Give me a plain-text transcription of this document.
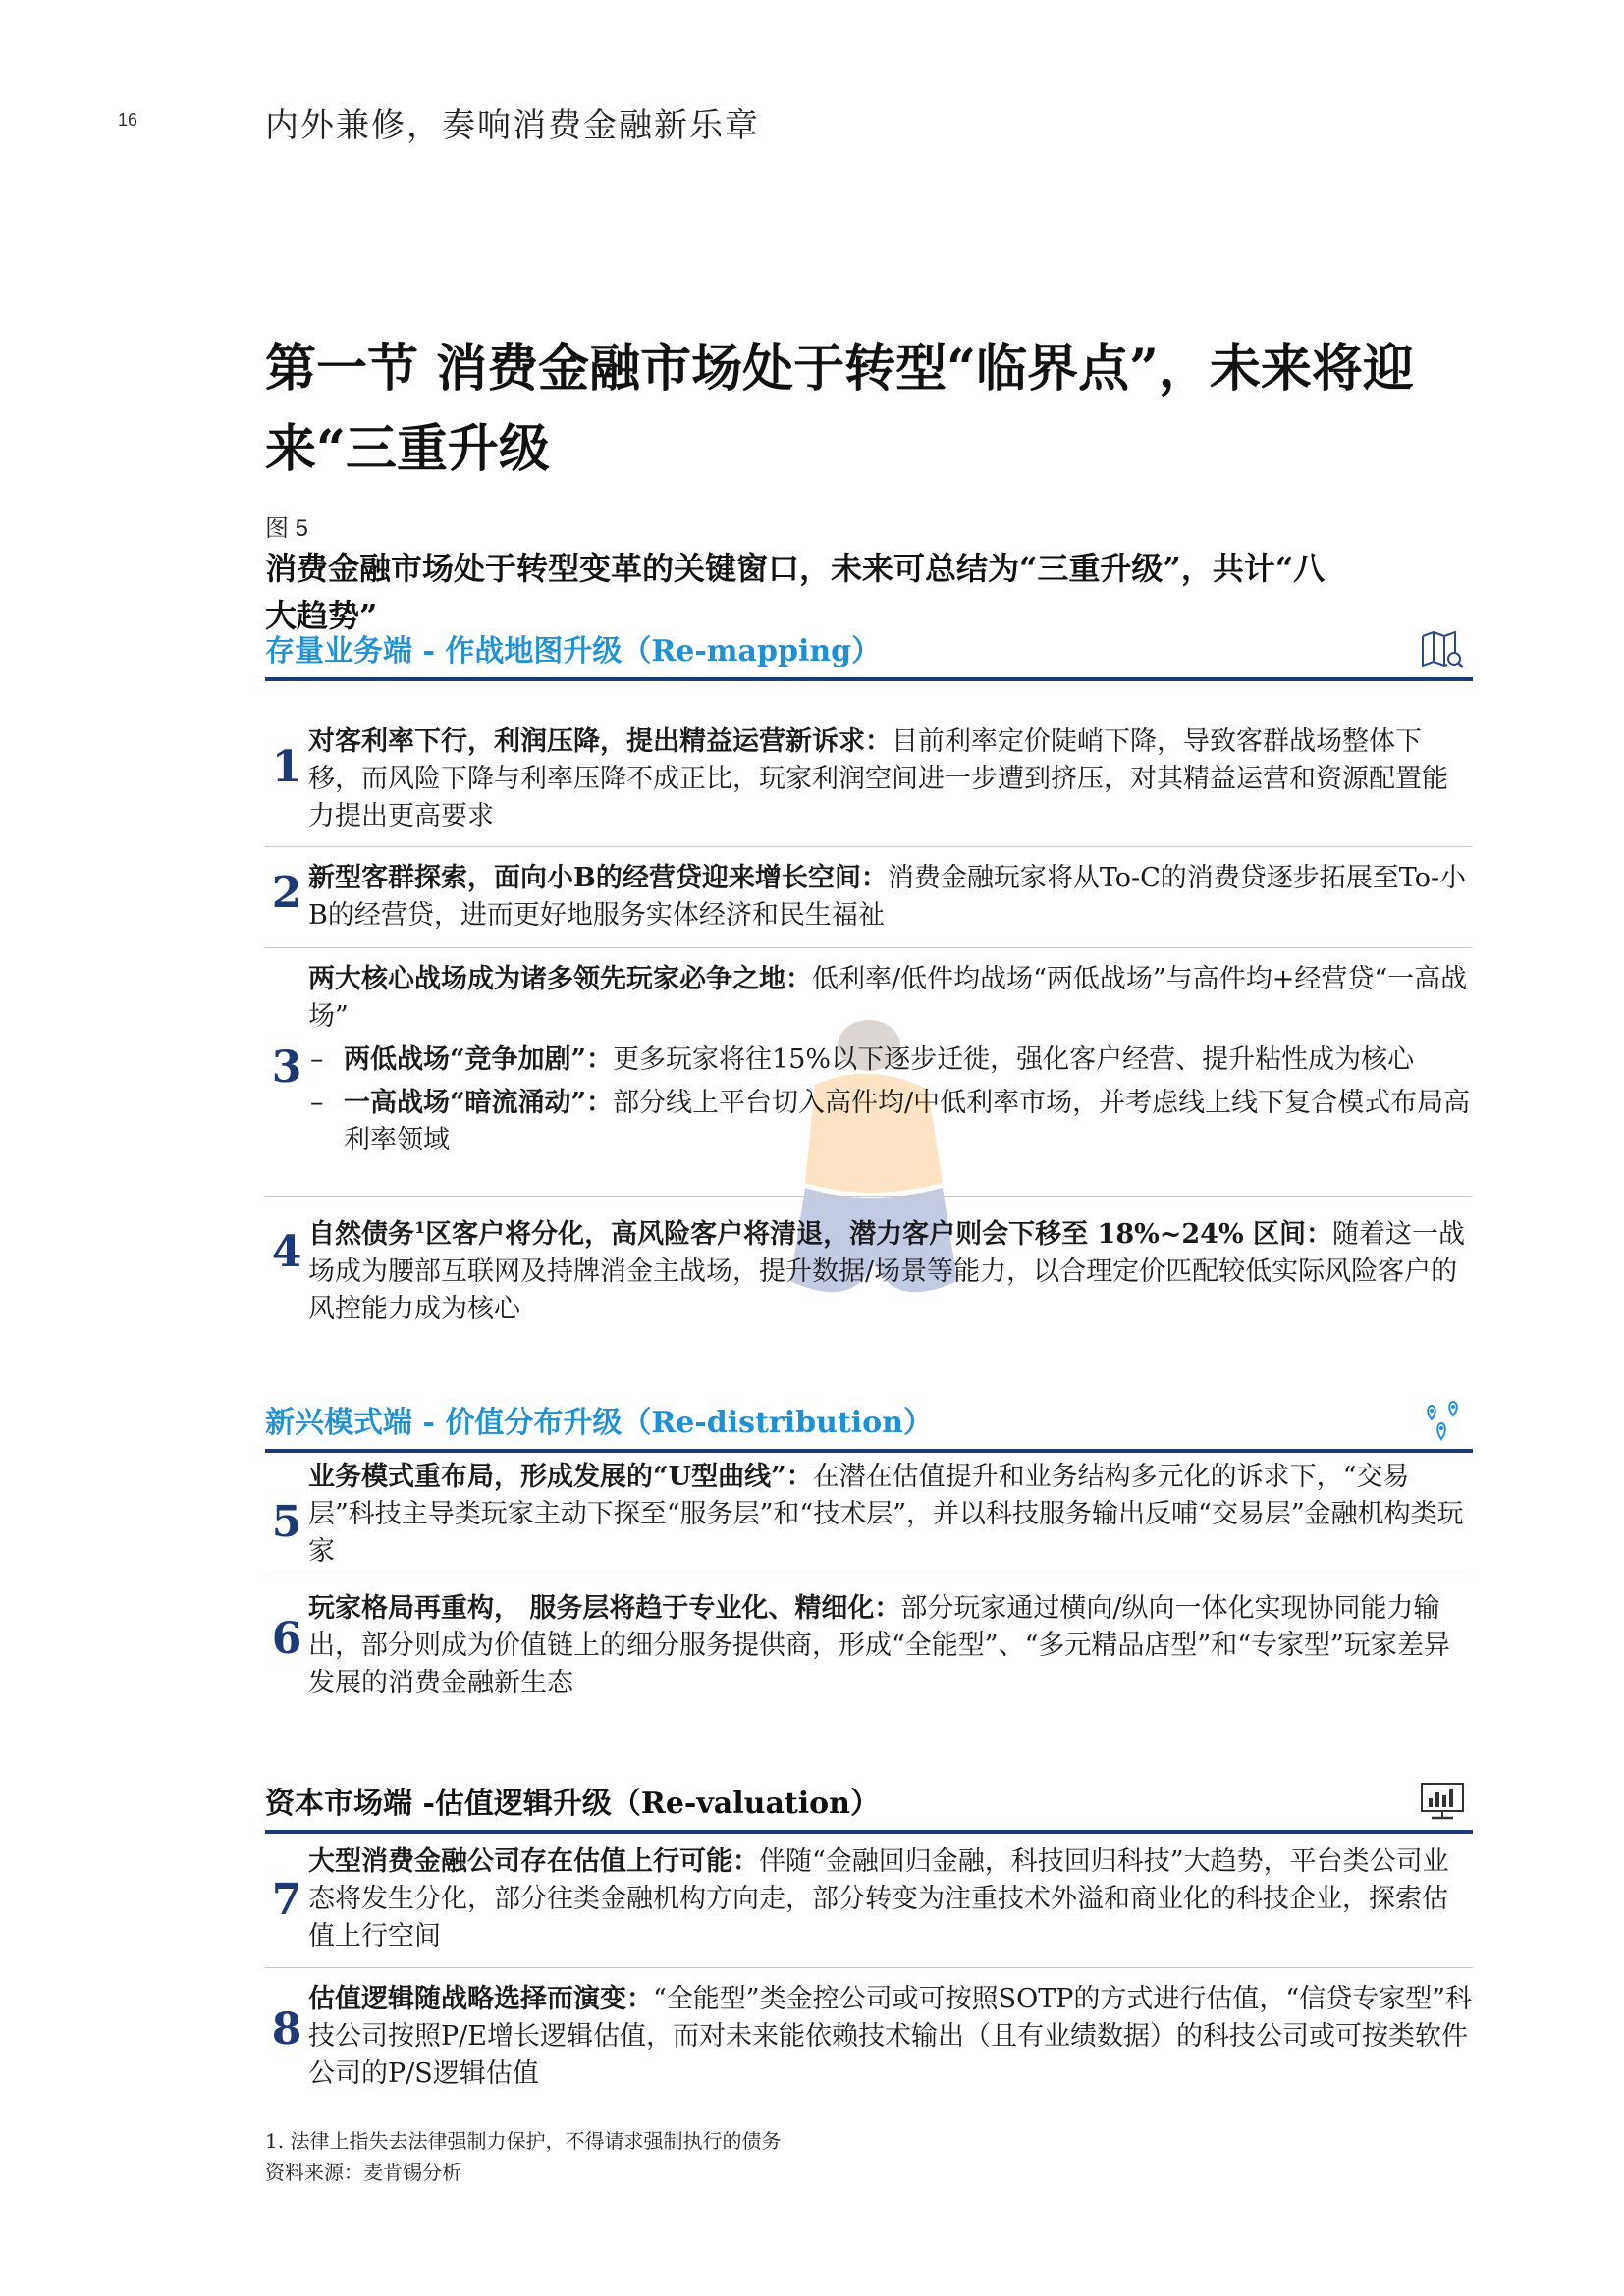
16	内外兼修，奏响消费金融新乐章
第一节 消费金融市场处于转型“临界点”，未来将迎
来“三重升级
图 5
消费金融市场处于转型变革的关键窗口，未来可总结为“三重升级”，共计“八
大趋势”
存量业务端 - 作战地图升级（Re-mapping）
1
对客利率下行，利润压降，提出精益运营新诉求：目前利率定价陡峭下降，导致客群战场整体下移，而风险下降与利率压降不成正比，玩家利润空间进一步遭到挤压，对其精益运营和资源配置能力提出更高要求
2 新型客群探索，面向小B的经营贷迎来增长空间：消费金融玩家将从To-C的消费贷逐步拓展至To-小B的经营贷，进而更好地服务实体经济和民生福祉
3
两大核心战场成为诸多领先玩家必争之地：低利率/低件均战场“两低战场”与高件均+经营贷“一高战场”
– 两低战场“竞争加剧”：更多玩家将往15%以下逐步迁徙，强化客户经营、提升粘性成为核心
– 一高战场“暗流涌动”：部分线上平台切入高件均/中低利率市场，并考虑线上线下复合模式布局高利率领域
4 自然债务$^1$区客户将分化，高风险客户将清退，潜力客户则会下移至 18%~24% 区间：随着这一战场成为腰部互联网及持牌消金主战场，提升数据/场景等能力，以合理定价匹配较低实际风险客户的风控能力成为核心
新兴模式端 - 价值分布升级（Re-distribution）
5
业务模式重布局，形成发展的“U型曲线”：在潜在估值提升和业务结构多元化的诉求下，“交易层”科技主导类玩家主动下探至“服务层”和“技术层”，并以科技服务输出反哺“交易层”金融机构类玩家
6
玩家格局再重构， 服务层将趋于专业化、精细化：部分玩家通过横向/纵向一体化实现协同能力输出，部分则成为价值链上的细分服务提供商，形成“全能型”、“多元精品店型”和“专家型”玩家差异发展的消费金融新生态
资本市场端 -估值逻辑升级（Re-valuation）
7
大型消费金融公司存在估值上行可能：伴随“金融回归金融，科技回归科技”大趋势，平台类公司业态将发生分化，部分往类金融机构方向走，部分转变为注重技术外溢和商业化的科技企业，探索估值上行空间
8
估值逻辑随战略选择而演变：“全能型”类金控公司或可按照SOTP的方式进行估值，“信贷专家型”科技公司按照P/E增长逻辑估值，而对未来能依赖技术输出（且有业绩数据）的科技公司或可按类软件公司的P/S逻辑估值
1. 法律上指失去法律强制力保护，不得请求强制执行的债务
资料来源：麦肯锡分析
